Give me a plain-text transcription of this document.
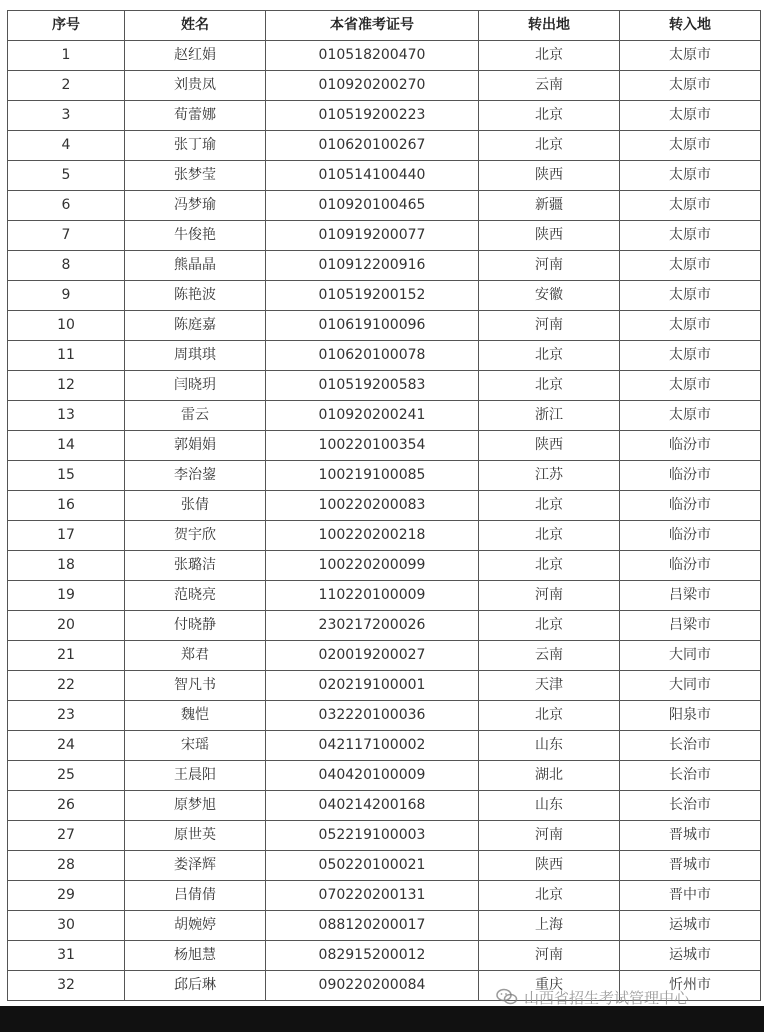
序号	姓名	本省准考证号	转出地	转入地
1	赵红娟	010518200470	北京	太原市
2	刘贵凤	010920200270	云南	太原市
3	荀蕾娜	010519200223	北京	太原市
4	张丁瑜	010620100267	北京	太原市
5	张梦莹	010514100440	陕西	太原市
6	冯梦瑜	010920100465	新疆	太原市
7	牛俊艳	010919200077	陕西	太原市
8	熊晶晶	010912200916	河南	太原市
9	陈艳波	010519200152	安徽	太原市
10	陈庭嘉	010619100096	河南	太原市
11	周琪琪	010620100078	北京	太原市
12	闫晓玥	010519200583	北京	太原市
13	雷云	010920200241	浙江	太原市
14	郭娟娟	100220100354	陕西	临汾市
15	李治鋆	100219100085	江苏	临汾市
16	张倩	100220200083	北京	临汾市
17	贺宇欣	100220200218	北京	临汾市
18	张璐洁	100220200099	北京	临汾市
19	范晓亮	110220100009	河南	吕梁市
20	付晓静	230217200026	北京	吕梁市
21	郑君	020019200027	云南	大同市
22	智凡书	020219100001	天津	大同市
23	魏恺	032220100036	北京	阳泉市
24	宋瑶	042117100002	山东	长治市
25	王晨阳	040420100009	湖北	长治市
26	原梦旭	040214200168	山东	长治市
27	原世英	052219100003	河南	晋城市
28	娄泽辉	050220100021	陕西	晋城市
29	吕倩倩	070220200131	北京	晋中市
30	胡婉婷	088120200017	上海	运城市
31	杨旭慧	082915200012	河南	运城市
32	邱后琳	090220200084	重庆	忻州市
山西省招生考试管理中心
